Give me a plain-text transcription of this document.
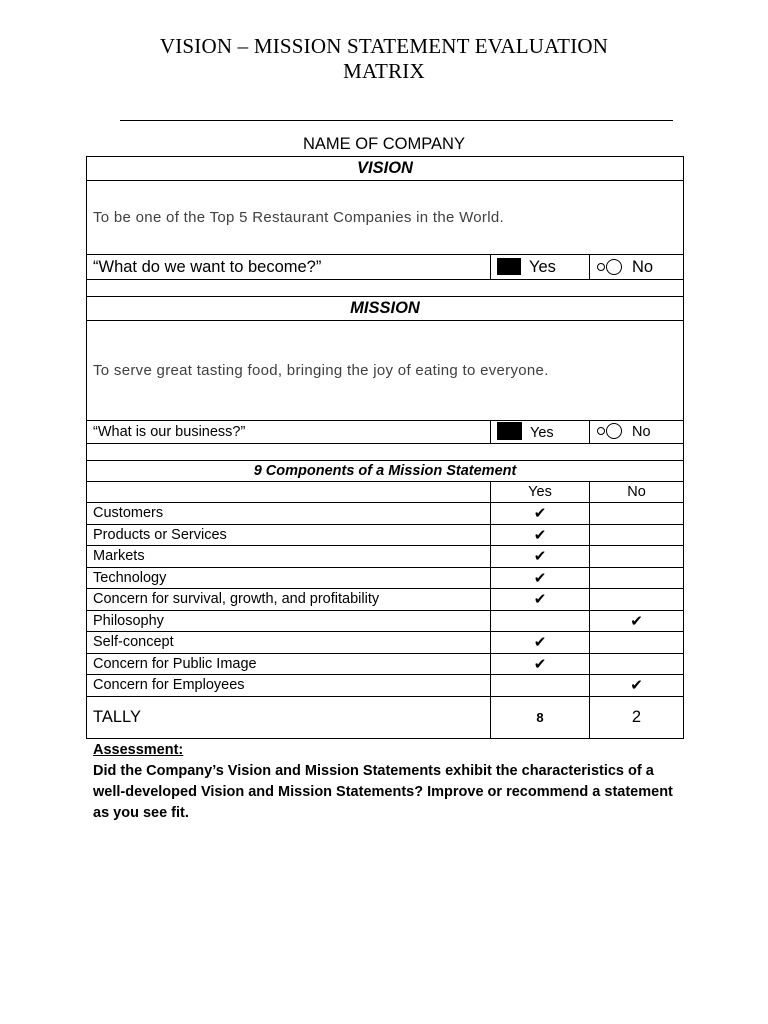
VISION – MISSION STATEMENT EVALUATION
MATRIX
NAME OF COMPANY
VISION		
To be one of the Top 5 Restaurant Companies in the World.		
“What do we want to become?”	Yes	No

MISSION		
To serve great tasting food, bringing the joy of eating to everyone.		
“What is our business?”	Yes	No

9 Components of a Mission Statement		
	Yes	No
Customers	✔	
Products or Services	✔	
Markets	✔	
Technology	✔	
Concern for survival, growth, and profitability	✔	
Philosophy		✔
Self-concept	✔	
Concern for Public Image	✔	
Concern for Employees		✔
TALLY	8	2
Assessment:
Did the Company’s Vision and Mission Statements exhibit the characteristics of a well-developed Vision and Mission Statements? Improve or recommend a statement as you see fit.
